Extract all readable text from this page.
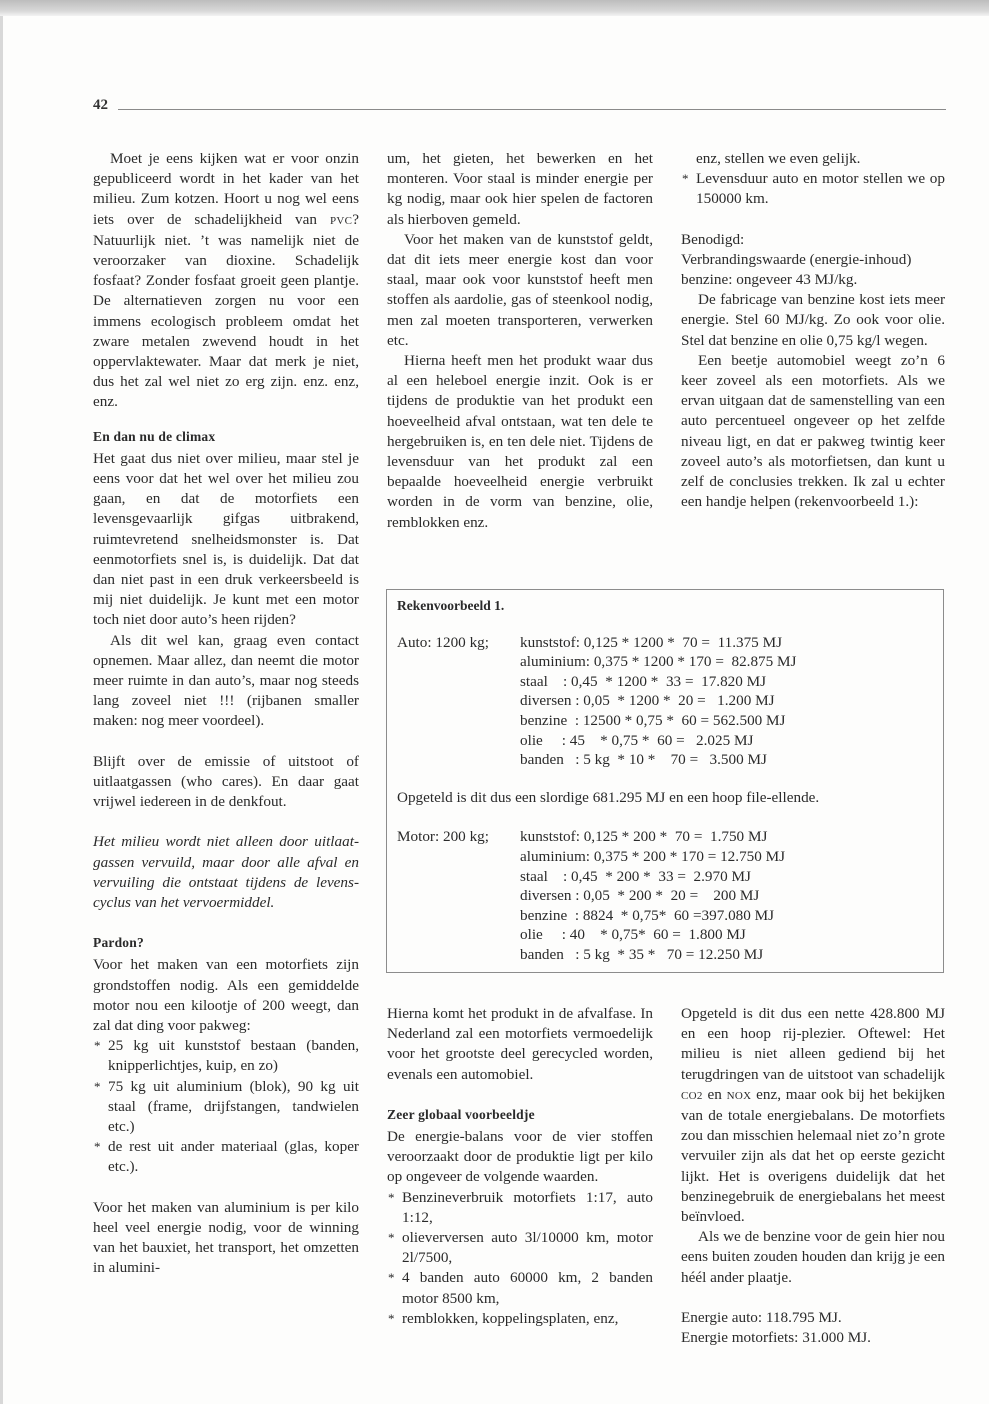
42

Moet je eens kijken wat er voor onzin gepubliceerd wordt in het kader van het milieu. Zum kotzen. Hoort u nog wel eens iets over de schadelijkheid van PVC? Natuurlijk niet. ’t was namelijk niet de veroorzaker van dioxine. Schadelijk fosfaat? Zonder fosfaat groeit geen plantje. De alternatieven zorgen nu voor een immens ecologisch probleem omdat het zware metalen zwevend houdt in het oppervlaktewater. Maar dat merk je niet, dus het zal wel niet zo erg zijn. enz. enz, enz.

En dan nu de climax

Het gaat dus niet over milieu, maar stel je eens voor dat het wel over het milieu zou gaan, en dat de motorfiets een levensgevaarlijk gifgas uitbrakend, ruimtevretend snelheidsmonster is. Dat eenmotorfiets snel is, is duidelijk. Dat dat dan niet past in een druk verkeersbeeld is mij niet duidelijk. Je kunt met een motor toch niet door auto’s heen rijden?

Als dit wel kan, graag even contact opnemen. Maar allez, dan neemt die motor meer ruimte in dan auto’s, maar nog steeds lang zoveel niet !!! (rijbanen smaller maken: nog meer voordeel).

Blijft over de emissie of uitstoot of uitlaatgassen (who cares). En daar gaat vrijwel iedereen in de denkfout.

Het milieu wordt niet alleen door uitlaatgassen vervuild, maar door alle afval en vervuiling die ontstaat tijdens de levenscyclus van het vervoermiddel.

Pardon?

Voor het maken van een motorfiets zijn grondstoffen nodig. Als een gemiddelde motor nou een kilootje of 200 weegt, dan zal dat ding voor pakweg:

* 25 kg uit kunststof bestaan (banden, knipperlichtjes, kuip, en zo)
* 75 kg uit aluminium (blok), 90 kg uit staal (frame, drijfstangen, tandwielen etc.)
* de rest uit ander materiaal (glas, koper etc.).

Voor het maken van aluminium is per kilo heel veel energie nodig, voor de winning van het bauxiet, het transport, het omzetten in alumini-

um, het gieten, het bewerken en het monteren. Voor staal is minder energie per kg nodig, maar ook hier spelen de factoren als hierboven gemeld.

Voor het maken van de kunststof geldt, dat dit iets meer energie kost dan voor staal, maar ook voor kunststof heeft men stoffen als aardolie, gas of steenkool nodig, men zal moeten transporteren, verwerken etc.

Hierna heeft men het produkt waar dus al een heleboel energie inzit. Ook is er tijdens de produktie van het produkt een hoeveelheid afval ontstaan, wat ten dele te hergebruiken is, en ten dele niet. Tijdens de levensduur van het produkt zal een bepaalde hoeveelheid energie verbruikt worden in de vorm van benzine, olie, remblokken enz.

enz, stellen we even gelijk.

* Levensduur auto en motor stellen we op 150000 km.

Benodigd:

Verbrandingswaarde (energie-inhoud) benzine: ongeveer 43 MJ/kg.

De fabricage van benzine kost iets meer energie. Stel 60 MJ/kg. Zo ook voor olie. Stel dat benzine en olie 0,75 kg/l wegen.

Een beetje automobiel weegt zo’n 6 keer zoveel als een motorfiets. Als we ervan uitgaan dat de samenstelling van een auto percentueel ongeveer op het zelfde niveau ligt, en dat er pakweg twintig keer zoveel auto’s als motorfietsen, dan kunt u zelf de conclusies trekken. Ik zal u echter een handje helpen (rekenvoorbeeld 1.):

Rekenvoorbeeld 1.
Auto: 1200 kg;	kunststof: 0,125 * 1200 *  70 =  11.375 MJ
aluminium: 0,375 * 1200 * 170 =  82.875 MJ
staal    : 0,45  * 1200 *  33 =  17.820 MJ
diversen : 0,05  * 1200 *  20 =   1.200 MJ
benzine  : 12500 * 0,75 *  60 = 562.500 MJ
olie     : 45    * 0,75 *  60 =   2.025 MJ
banden   : 5 kg  * 10 *    70 =   3.500 MJ
Opgeteld is dit dus een slordige 681.295 MJ en een hoop file-ellende.
Motor: 200 kg;	kunststof: 0,125 * 200 *  70 =  1.750 MJ
aluminium: 0,375 * 200 * 170 = 12.750 MJ
staal    : 0,45  * 200 *  33 =  2.970 MJ
diversen : 0,05  * 200 *  20 =    200 MJ
benzine  : 8824  * 0,75*  60 =397.080 MJ
olie     : 40    * 0,75*  60 =  1.800 MJ
banden   : 5 kg  * 35 *   70 = 12.250 MJ

Hierna komt het produkt in de afvalfase. In Nederland zal een motorfiets vermoedelijk voor het grootste deel gerecycled worden, evenals een automobiel.

Zeer globaal voorbeeldje

De energie-balans voor de vier stoffen veroorzaakt door de produktie ligt per kilo op ongeveer de volgende waarden.

* Benzineverbruik motorfiets 1:17, auto 1:12,
* olieverversen auto 3l/10000 km, motor 2l/7500,
* 4 banden auto 60000 km, 2 banden motor 8500 km,
* remblokken, koppelingsplaten, enz,

Opgeteld is dit dus een nette 428.800 MJ en een hoop rij-plezier. Oftewel: Het milieu is niet alleen gediend bij het terugdringen van de uitstoot van schadelijk CO2 en NOX enz, maar ook bij het bekijken van de totale energiebalans. De motorfiets zou dan misschien helemaal niet zo’n grote vervuiler zijn als dat het op eerste gezicht lijkt. Het is overigens duidelijk dat het benzinegebruik de energiebalans het meest beïnvloed.

Als we de benzine voor de gein hier nou eens buiten zouden houden dan krijg je een héél ander plaatje.

Energie auto: 118.795 MJ.

Energie motorfiets: 31.000 MJ.
